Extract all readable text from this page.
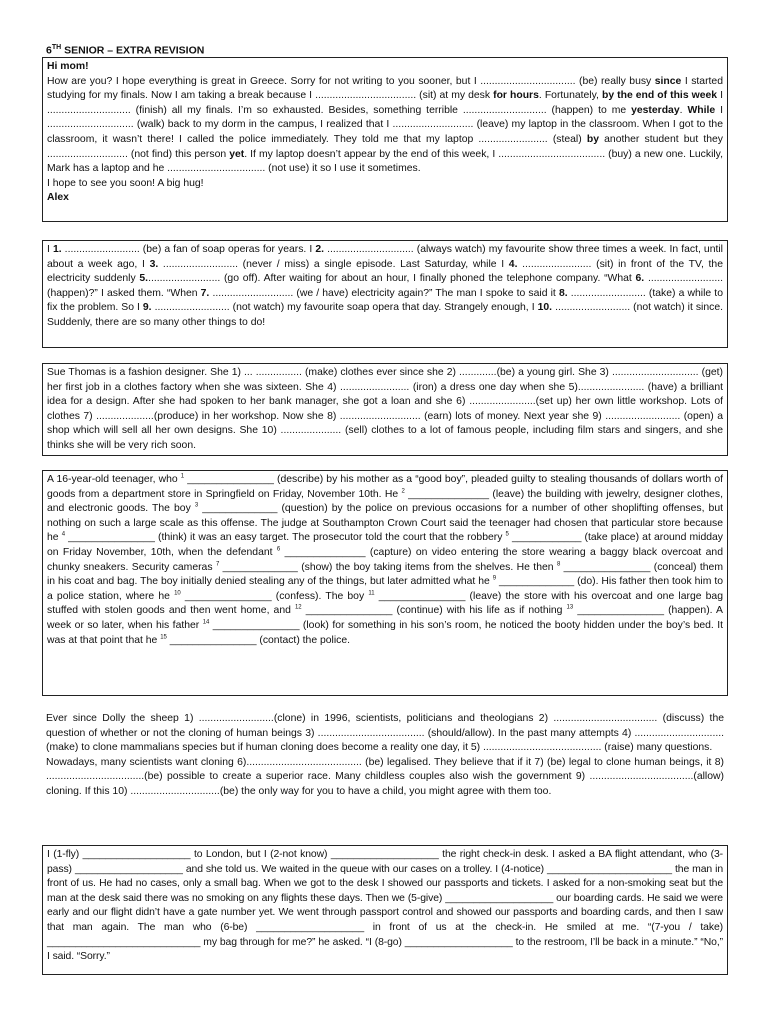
6TH SENIOR – EXTRA REVISION

Hi mom!

How are you? I hope everything is great in Greece. Sorry for not writing to you sooner, but I ................................. (be) really busy since I started studying for my finals. Now I am taking a break because I ................................... (sit) at my desk for hours. Fortunately, by the end of this week I ............................. (finish) all my finals. I’m so exhausted. Besides, something terrible ............................. (happen) to me yesterday. While I .............................. (walk) back to my dorm in the campus, I realized that I ............................ (leave) my laptop in the classroom. When I got to the classroom, it wasn’t there! I called the police immediately. They told me that my laptop ........................ (steal) by another student but they ............................ (not find) this person yet. If my laptop doesn’t appear by the end of this week, I ..................................... (buy) a new one. Luckily, Mark has a laptop and he .................................. (not use) it so I use it sometimes.

I hope to see you soon! A big hug!

Alex

I 1. .......................... (be) a fan of soap operas for years. I 2. .............................. (always watch) my favourite show three times a week. In fact, until about a week ago, I 3. .......................... (never / miss) a single episode. Last Saturday, while I 4. ........................ (sit) in front of the TV, the electricity suddenly 5.......................... (go off). After waiting for about an hour, I finally phoned the telephone company. “What 6. .......................... (happen)?” I asked them. “When 7. ............................ (we / have) electricity again?” The man I spoke to said it 8. .......................... (take) a while to fix the problem. So I 9. .......................... (not watch) my favourite soap opera that day. Strangely enough, I 10. .......................... (not watch) it since. Suddenly, there are so many other things to do!

Sue Thomas is a fashion designer. She 1) ... ................ (make) clothes ever since she 2) .............(be) a young girl. She 3) .............................. (get) her first job in a clothes factory when she was sixteen. She 4) ........................ (iron) a dress one day when she 5)....................... (have) a brilliant idea for a design. After she had spoken to her bank manager, she got a loan and she 6) .......................(set up) her own little workshop. Lots of clothes 7) ....................(produce) in her workshop. Now she 8) ............................ (earn) lots of money. Next year she 9) .......................... (open) a shop which will sell all her own designs. She 10) ..................... (sell) clothes to a lot of famous people, including film stars and singers, and she thinks she will be very rich soon.

A 16-year-old teenager, who $^1$ _______________ (describe) by his mother as a “good boy”, pleaded guilty to stealing thousands of dollars worth of goods from a department store in Springfield on Friday, November 10th. He $^2$ ______________ (leave) the building with jewelry, designer clothes, and electronic goods. The boy $^3$ _____________ (question) by the police on previous occasions for a number of other shoplifting offenses, but nothing on such a large scale as this offense. The judge at Southampton Crown Court said the teenager had chosen that particular store because he $^4$ _______________ (think) it was an easy target. The prosecutor told the court that the robbery $^5$ ____________ (take place) at around midday on Friday November, 10th, when the defendant $^6$ ______________ (capture) on video entering the store wearing a baggy black overcoat and chunky sneakers. Security cameras $^7$ _____________ (show) the boy taking items from the shelves. He then $^8$ _______________ (conceal) them in his coat and bag. The boy initially denied stealing any of the things, but later admitted what he $^9$ _____________ (do). His father then took him to a police station, where he $^{10}$ _______________ (confess). The boy $^{11}$ _______________ (leave) the store with his overcoat and one large bag stuffed with stolen goods and then went home, and $^{12}$ _______________ (continue) with his life as if nothing $^{13}$ _______________ (happen). A week or so later, when his father $^{14}$ _______________ (look) for something in his son’s room, he noticed the booty hidden under the boy’s bed. It was at that point that he $^{15}$ _______________ (contact) the police.

Ever since Dolly the sheep 1) ..........................(clone) in 1996, scientists, politicians and theologians 2) .................................... (discuss) the question of whether or not the cloning of human beings 3) ..................................... (should/allow). In the past many attempts 4) ...............................(make) to clone mammalians species but if human cloning does become a reality one day, it 5) ......................................... (raise) many questions.

Nowadays, many scientists want cloning 6)........................................ (be) legalised. They believe that if it 7) (be) legal to clone human beings, it 8) ..................................(be) possible to create a superior race. Many childless couples also wish the government 9) ....................................(allow) cloning. If this 10) ...............................(be) the only way for you to have a child, you might agree with them too.

I (1-fly) ___________________ to London, but I (2-not know) ___________________ the right check-in desk. I asked a BA flight attendant, who (3-pass) ___________________ and she told us. We waited in the queue with our cases on a trolley. I (4-notice) ______________________ the man in front of us. He had no cases, only a small bag. When we got to the desk I showed our passports and tickets. I asked for a non-smoking seat but the man at the desk said there was no smoking on any flights these days. Then we (5-give) ___________________ our boarding cards. He said we were early and our flight didn’t have a gate number yet. We went through passport control and showed our passports and boarding cards, and then I saw that man again. The man who (6-be) ___________________ in front of us at the check-in. He smiled at me. “(7-you / take) ___________________________ my bag through for me?” he asked. “I (8-go) ___________________ to the restroom, I’ll be back in a minute.” “No,” I said. “Sorry.”
